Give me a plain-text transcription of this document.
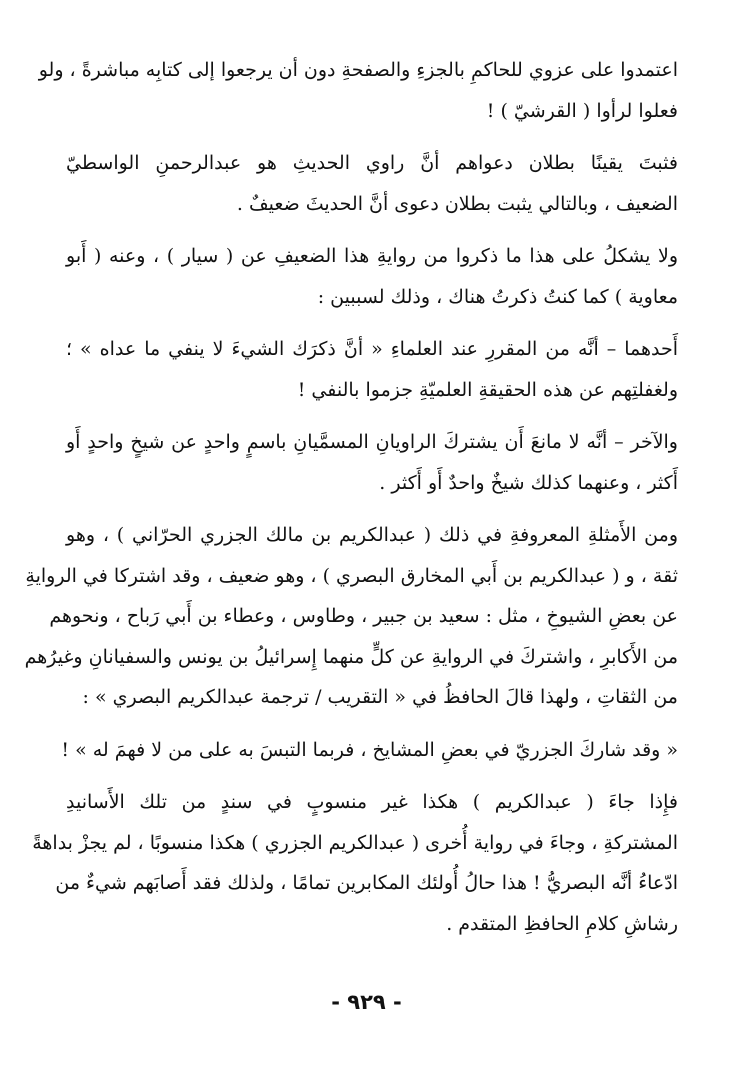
اعتمدوا على عزوي للحاكمِ بالجزءِ والصفحةِ دون أن يرجعوا إلى كتابِه مباشرةً ، ولو
فعلوا لرأوا ( القرشيّ ) !

فثبتَ يقينًا بطلان دعواهم أنَّ راوي الحديثِ هو عبدالرحمنِ الواسطيّ
الضعيف ، وبالتالي يثبت بطلان دعوى أنَّ الحديثَ ضعيفٌ .

ولا يشكلُ على هذا ما ذكروا من روايةِ هذا الضعيفِ عن ( سيار ) ، وعنه ( أَبو
معاوية ) كما كنتُ ذكرتُ هناك ، وذلك لسببين :

أَحدهما – أنَّه من المقررِ عند العلماءِ « أنَّ ذكرَك الشيءَ لا ينفي ما عداه » ؛
ولغفلتِهم عن هذه الحقيقةِ العلميّةِ جزموا بالنفي !

والآخر – أنَّه لا مانعَ أَن يشتركَ الراويانِ المسمَّيانِ باسمٍ واحدٍ عن شيخٍ واحدٍ أَو
أَكثر ، وعنهما كذلك شيخٌ واحدٌ أَو أَكثر .

ومن الأَمثلةِ المعروفةِ في ذلك ( عبدالكريم بن مالك الجزري الحرّاني ) ، وهو
ثقة ، و ( عبدالكريم بن أَبي المخارق البصري ) ، وهو ضعيف ، وقد اشتركا في الروايةِ
عن بعضِ الشيوخِ ، مثل : سعيد بن جبير ، وطاوس ، وعطاء بن أَبي رَباح ، ونحوهم
من الأَكابرِ ، واشتركَ في الروايةِ عن كلٍّ منهما إِسرائيلُ بن يونس والسفيانانِ وغيرُهم
من الثقاتِ ، ولهذا قالَ الحافظُ في « التقريب / ترجمة عبدالكريم البصري » :

« وقد شاركَ الجزريّ في بعضِ المشايخ ، فربما التبسَ به على من لا فهمَ له » !

فإِذا جاءَ ( عبدالكريم ) هكذا غير منسوبٍ في سندٍ من تلك الأَسانيدِ
المشتركةِ ، وجاءَ في رواية أُخرى ( عبدالكريم الجزري ) هكذا منسوبًا ، لم يجزْ بداهةً
ادّعاءُ أنَّه البصريُّ ! هذا حالُ أُولئك المكابرين تمامًا ، ولذلك فقد أَصابَهم شيءٌ من
رشاشِ كلامِ الحافظِ المتقدم .

- ٩٢٩ -
